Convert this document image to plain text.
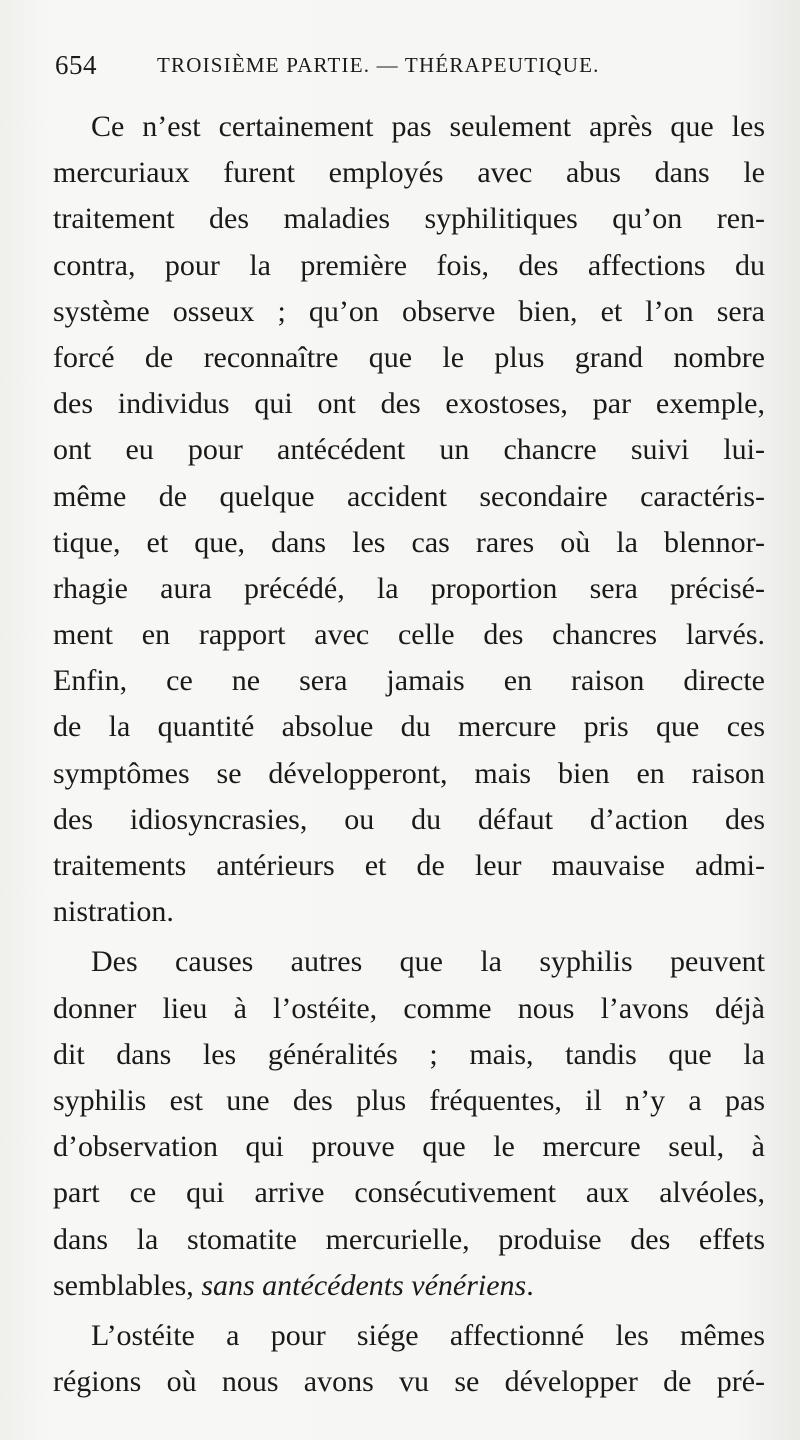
654	TROISIÈME PARTIE. — THÉRAPEUTIQUE.
Ce n’est certainement pas seulement après que les
mercuriaux furent employés avec abus dans le
traitement des maladies syphilitiques qu’on ren-
contra, pour la première fois, des affections du
système osseux ; qu’on observe bien, et l’on sera
forcé de reconnaître que le plus grand nombre
des individus qui ont des exostoses, par exemple,
ont eu pour antécédent un chancre suivi lui-
même de quelque accident secondaire caractéris-
tique, et que, dans les cas rares où la blennor-
rhagie aura précédé, la proportion sera précisé-
ment en rapport avec celle des chancres larvés.
Enfin, ce ne sera jamais en raison directe
de la quantité absolue du mercure pris que ces
symptômes se développeront, mais bien en raison
des idiosyncrasies, ou du défaut d’action des
traitements antérieurs et de leur mauvaise admi-
nistration.
Des causes autres que la syphilis peuvent
donner lieu à l’ostéite, comme nous l’avons déjà
dit dans les généralités ; mais, tandis que la
syphilis est une des plus fréquentes, il n’y a pas
d’observation qui prouve que le mercure seul, à
part ce qui arrive consécutivement aux alvéoles,
dans la stomatite mercurielle, produise des effets
semblables, sans antécédents vénériens.
L’ostéite a pour siége affectionné les mêmes
régions où nous avons vu se développer de pré-
